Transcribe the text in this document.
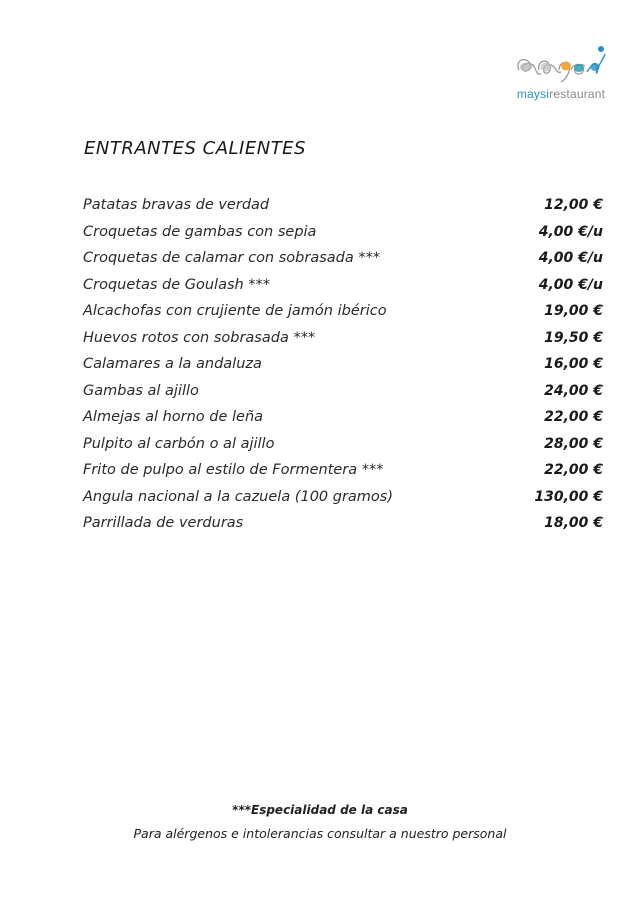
maysirestaurant
ENTRANTES CALIENTES
Patatas bravas de verdad	12,00 €
Croquetas de gambas con sepia	4,00 €/u
Croquetas de calamar con sobrasada ***	4,00 €/u
Croquetas de Goulash ***	4,00 €/u
Alcachofas con crujiente de jamón ibérico	19,00 €
Huevos rotos con sobrasada ***	19,50 €
Calamares a la andaluza	16,00 €
Gambas al ajillo	24,00 €
Almejas al horno de leña	22,00 €
Pulpito al carbón o al ajillo	28,00 €
Frito de pulpo al estilo de Formentera ***	22,00 €
Angula nacional a la cazuela (100 gramos)	130,00 €
Parrillada de verduras	18,00 €
***Especialidad de la casa
Para alérgenos e intolerancias consultar a nuestro personal
